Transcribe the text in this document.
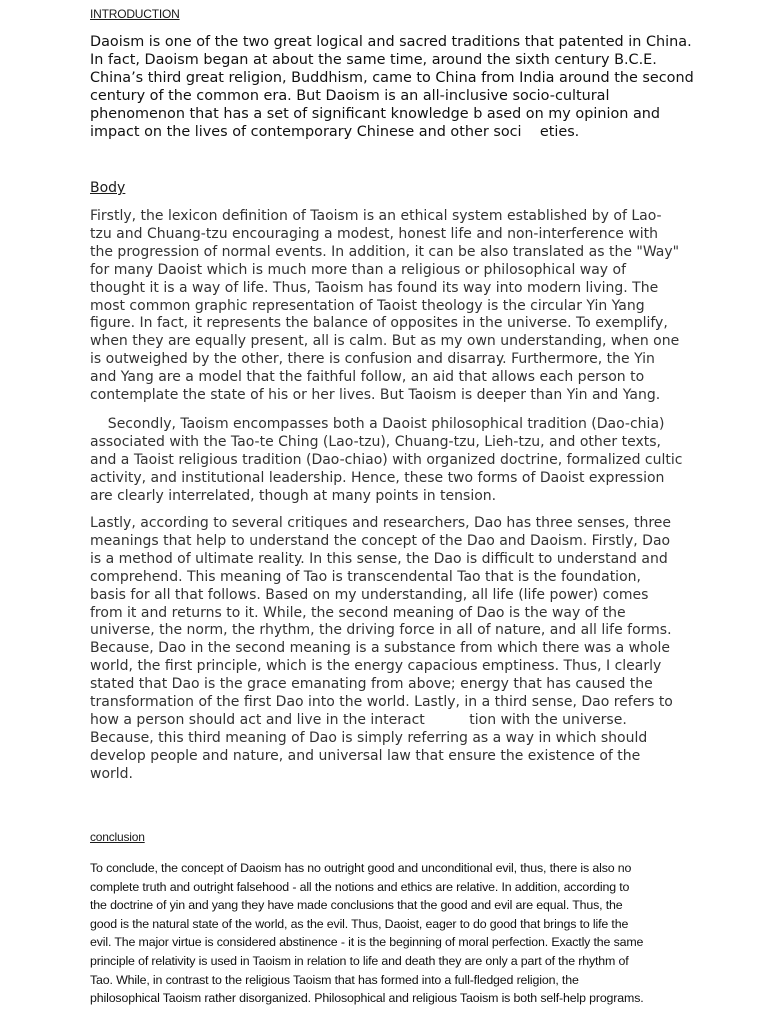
INTRODUCTION

Daoism is one of the two great logical and sacred traditions that patented in China.
In fact, Daoism began at about the same time, around the sixth century B.C.E.
China’s third great religion, Buddhism, came to China from India around the second
century of the common era. But Daoism is an all-inclusive socio-cultural
phenomenon that has a set of significant knowledge b ased on my opinion and
impact on the lives of contemporary Chinese and other soci    eties.

Body

Firstly, the lexicon definition of Taoism is an ethical system established by of Lao-
tzu and Chuang-tzu encouraging a modest, honest life and non-interference with
the progression of normal events. In addition, it can be also translated as the "Way"
for many Daoist which is much more than a religious or philosophical way of
thought it is a way of life. Thus, Taoism has found its way into modern living. The
most common graphic representation of Taoist theology is the circular Yin Yang
figure. In fact, it represents the balance of opposites in the universe. To exemplify,
when they are equally present, all is calm. But as my own understanding, when one
is outweighed by the other, there is confusion and disarray. Furthermore, the Yin
and Yang are a model that the faithful follow, an aid that allows each person to
contemplate the state of his or her lives. But Taoism is deeper than Yin and Yang.

Secondly, Taoism encompasses both a Daoist philosophical tradition (Dao-chia)
associated with the Tao-te Ching (Lao-tzu), Chuang-tzu, Lieh-tzu, and other texts,
and a Taoist religious tradition (Dao-chiao) with organized doctrine, formalized cultic
activity, and institutional leadership. Hence, these two forms of Daoist expression
are clearly interrelated, though at many points in tension.

Lastly, according to several critiques and researchers, Dao has three senses, three
meanings that help to understand the concept of the Dao and Daoism. Firstly, Dao
is a method of ultimate reality. In this sense, the Dao is difficult to understand and
comprehend. This meaning of Tao is transcendental Tao that is the foundation,
basis for all that follows. Based on my understanding, all life (life power) comes
from it and returns to it. While, the second meaning of Dao is the way of the
universe, the norm, the rhythm, the driving force in all of nature, and all life forms.
Because, Dao in the second meaning is a substance from which there was a whole
world, the first principle, which is the energy capacious emptiness. Thus, I clearly
stated that Dao is the grace emanating from above; energy that has caused the
transformation of the first Dao into the world. Lastly, in a third sense, Dao refers to
how a person should act and live in the interact          tion with the universe.
Because, this third meaning of Dao is simply referring as a way in which should
develop people and nature, and universal law that ensure the existence of the
world.

conclusion

To conclude, the concept of Daoism has no outright good and unconditional evil, thus, there is also no
complete truth and outright falsehood - all the notions and ethics are relative. In addition, according to
the doctrine of yin and yang they have made conclusions that the good and evil are equal. Thus, the
good is the natural state of the world, as the evil. Thus, Daoist, eager to do good that brings to life the
evil. The major virtue is considered abstinence - it is the beginning of moral perfection. Exactly the same
principle of relativity is used in Taoism in relation to life and death they are only a part of the rhythm of
Tao. While, in contrast to the religious Taoism that has formed into a full-fledged religion, the
philosophical Taoism rather disorganized. Philosophical and religious Taoism is both self-help programs.
